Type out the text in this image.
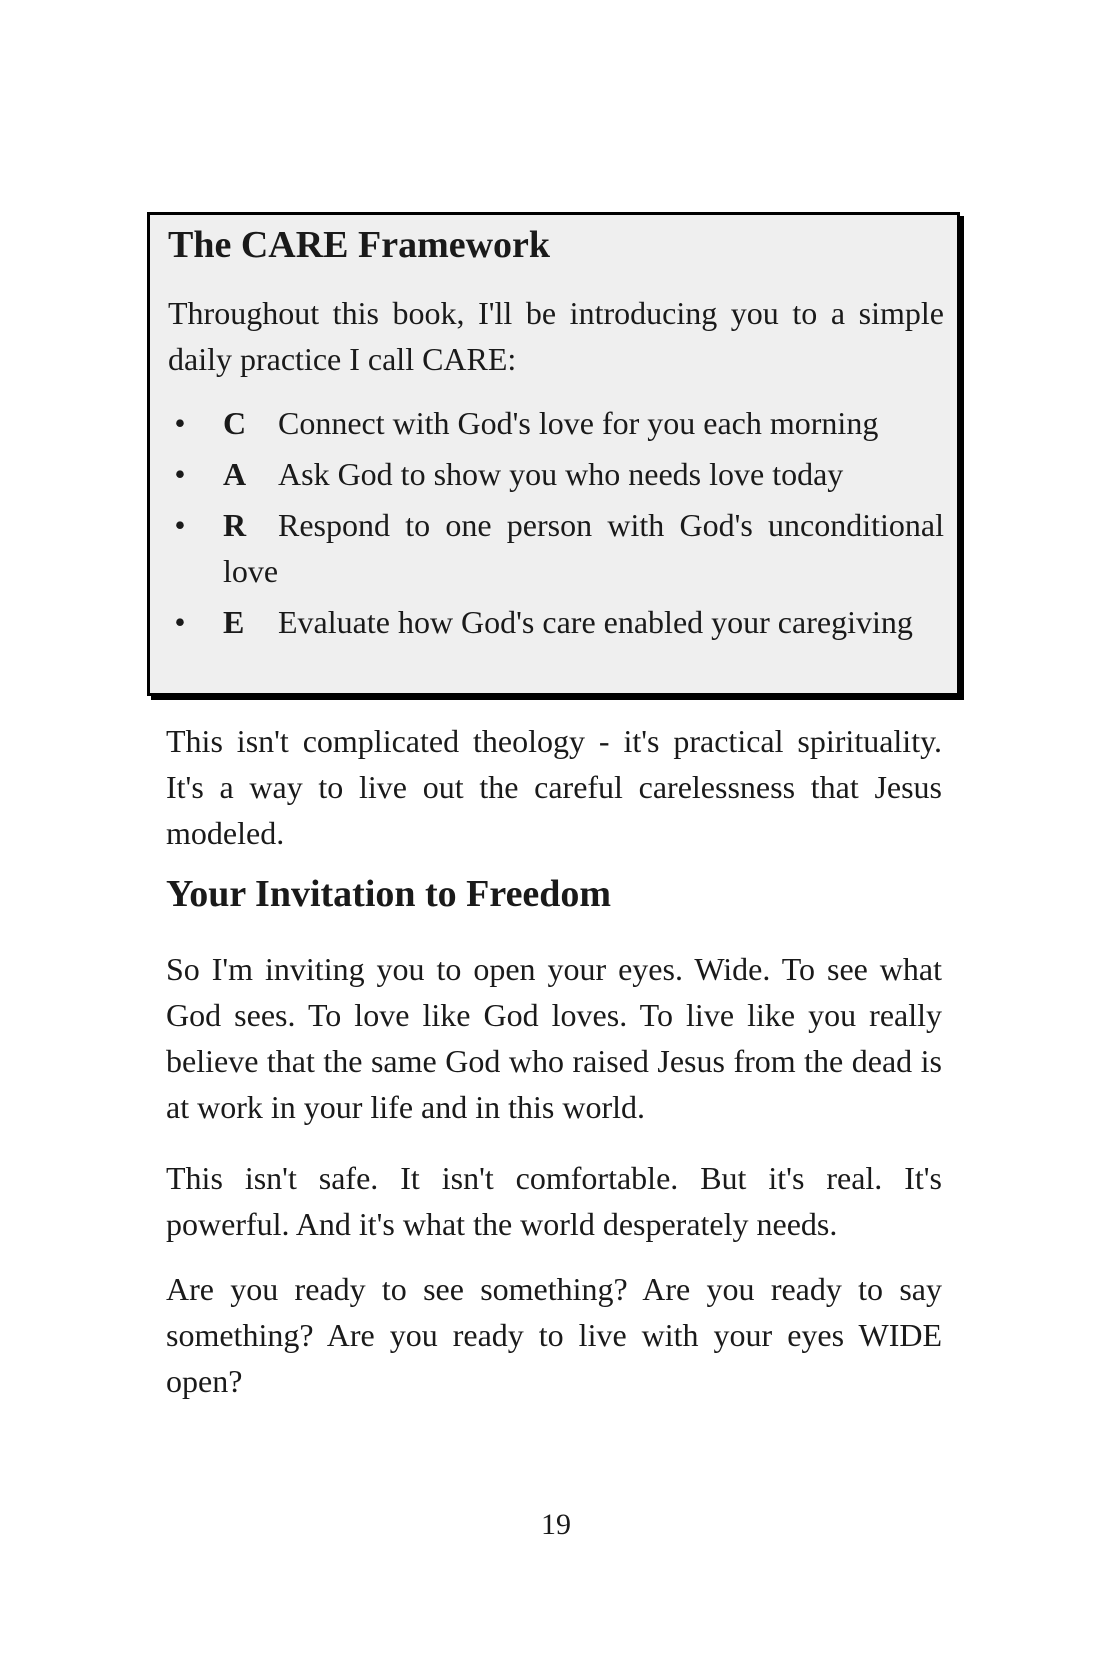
The CARE Framework

Throughout this book, I'll be introducing you to a simple daily practice I call CARE:

• C Connect with God's love for you each morning
• A Ask God to show you who needs love today
• R Respond to one person with God's unconditional love
• E Evaluate how God's care enabled your caregiving

This isn't complicated theology - it's practical spirituality. It's a way to live out the careful carelessness that Jesus modeled.

Your Invitation to Freedom

So I'm inviting you to open your eyes. Wide. To see what God sees. To love like God loves. To live like you really believe that the same God who raised Jesus from the dead is at work in your life and in this world.

This isn't safe. It isn't comfortable. But it's real. It's powerful. And it's what the world desperately needs.

Are you ready to see something? Are you ready to say something? Are you ready to live with your eyes WIDE open?

19
